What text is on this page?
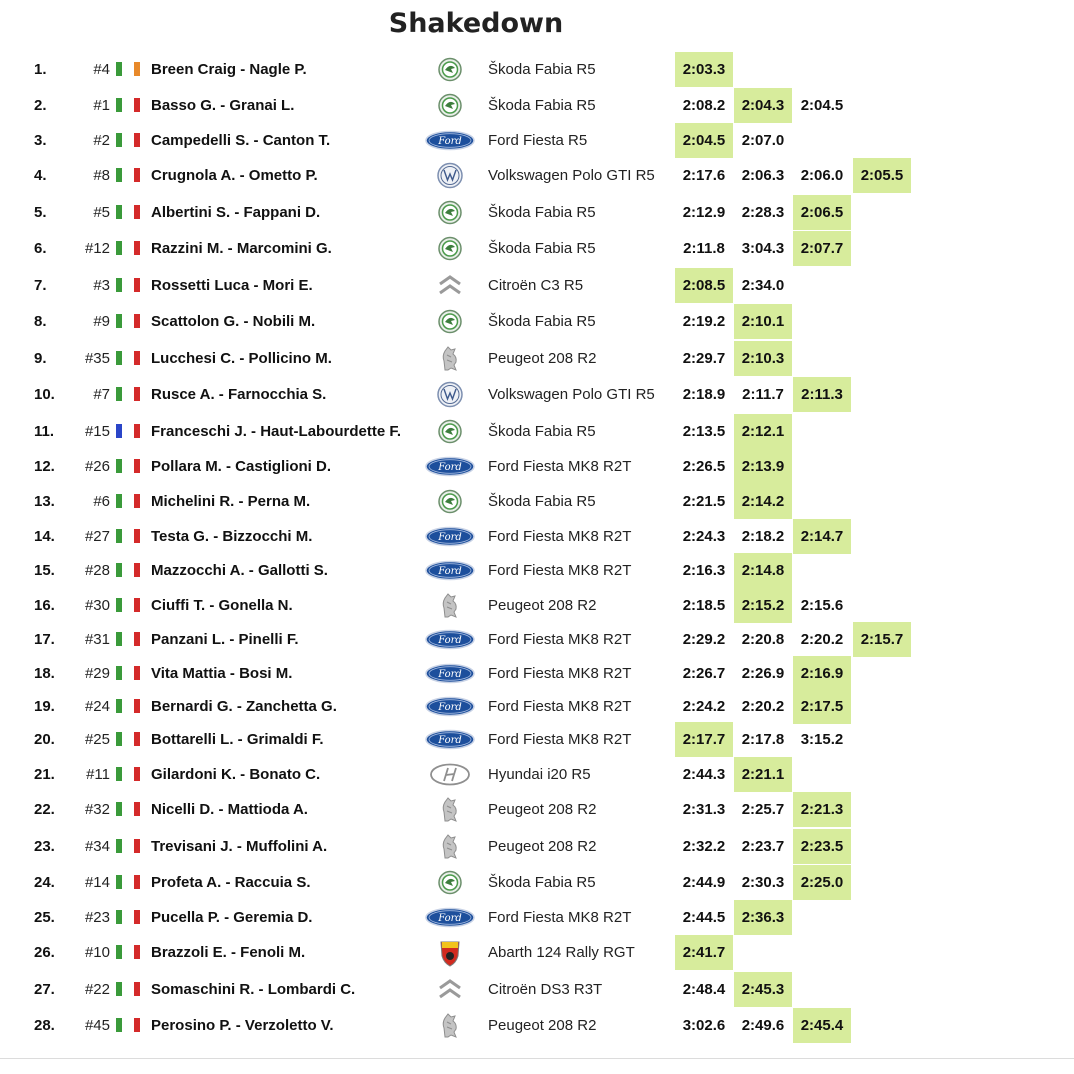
Shakedown
1.	#4	Breen Craig - Nagle P.	Škoda Fabia R5	2:03.3
2.	#1	Basso G. - Granai L.	Škoda Fabia R5	2:08.2	2:04.3	2:04.5
3.	#2	Campedelli S. - Canton T.	Ford Ford Fiesta R5	2:04.5	2:07.0
4.	#8	Crugnola A. - Ometto P.	Volkswagen Polo GTI R5	2:17.6	2:06.3	2:06.0	2:05.5
5.	#5	Albertini S. - Fappani D.	Škoda Fabia R5	2:12.9	2:28.3	2:06.5
6.	#12	Razzini M. - Marcomini G.	Škoda Fabia R5	2:11.8	3:04.3	2:07.7
7.	#3	Rossetti Luca - Mori E.	Citroën C3 R5	2:08.5	2:34.0
8.	#9	Scattolon G. - Nobili M.	Škoda Fabia R5	2:19.2	2:10.1
9.	#35	Lucchesi C. - Pollicino M.	Peugeot 208 R2	2:29.7	2:10.3
10.	#7	Rusce A. - Farnocchia S.	Volkswagen Polo GTI R5	2:18.9	2:11.7	2:11.3
11.	#15	Franceschi J. - Haut-Labourdette F.	Škoda Fabia R5	2:13.5	2:12.1
12.	#26	Pollara M. - Castiglioni D.	Ford Ford Fiesta MK8 R2T	2:26.5	2:13.9
13.	#6	Michelini R. - Perna M.	Škoda Fabia R5	2:21.5	2:14.2
14.	#27	Testa G. - Bizzocchi M.	Ford Ford Fiesta MK8 R2T	2:24.3	2:18.2	2:14.7
15.	#28	Mazzocchi A. - Gallotti S.	Ford Ford Fiesta MK8 R2T	2:16.3	2:14.8
16.	#30	Ciuffi T. - Gonella N.	Peugeot 208 R2	2:18.5	2:15.2	2:15.6
17.	#31	Panzani L. - Pinelli F.	Ford Ford Fiesta MK8 R2T	2:29.2	2:20.8	2:20.2	2:15.7
18.	#29	Vita Mattia - Bosi M.	Ford Ford Fiesta MK8 R2T	2:26.7	2:26.9	2:16.9
19.	#24	Bernardi G. - Zanchetta G.	Ford Ford Fiesta MK8 R2T	2:24.2	2:20.2	2:17.5
20.	#25	Bottarelli L. - Grimaldi F.	Ford Ford Fiesta MK8 R2T	2:17.7	2:17.8	3:15.2
21.	#11	Gilardoni K. - Bonato C.	Hyundai i20 R5	2:44.3	2:21.1
22.	#32	Nicelli D. - Mattioda A.	Peugeot 208 R2	2:31.3	2:25.7	2:21.3
23.	#34	Trevisani J. - Muffolini A.	Peugeot 208 R2	2:32.2	2:23.7	2:23.5
24.	#14	Profeta A. - Raccuia S.	Škoda Fabia R5	2:44.9	2:30.3	2:25.0
25.	#23	Pucella P. - Geremia D.	Ford Ford Fiesta MK8 R2T	2:44.5	2:36.3
26.	#10	Brazzoli E. - Fenoli M.	Abarth 124 Rally RGT	2:41.7
27.	#22	Somaschini R. - Lombardi C.	Citroën DS3 R3T	2:48.4	2:45.3
28.	#45	Perosino P. - Verzoletto V.	Peugeot 208 R2	3:02.6	2:49.6	2:45.4
